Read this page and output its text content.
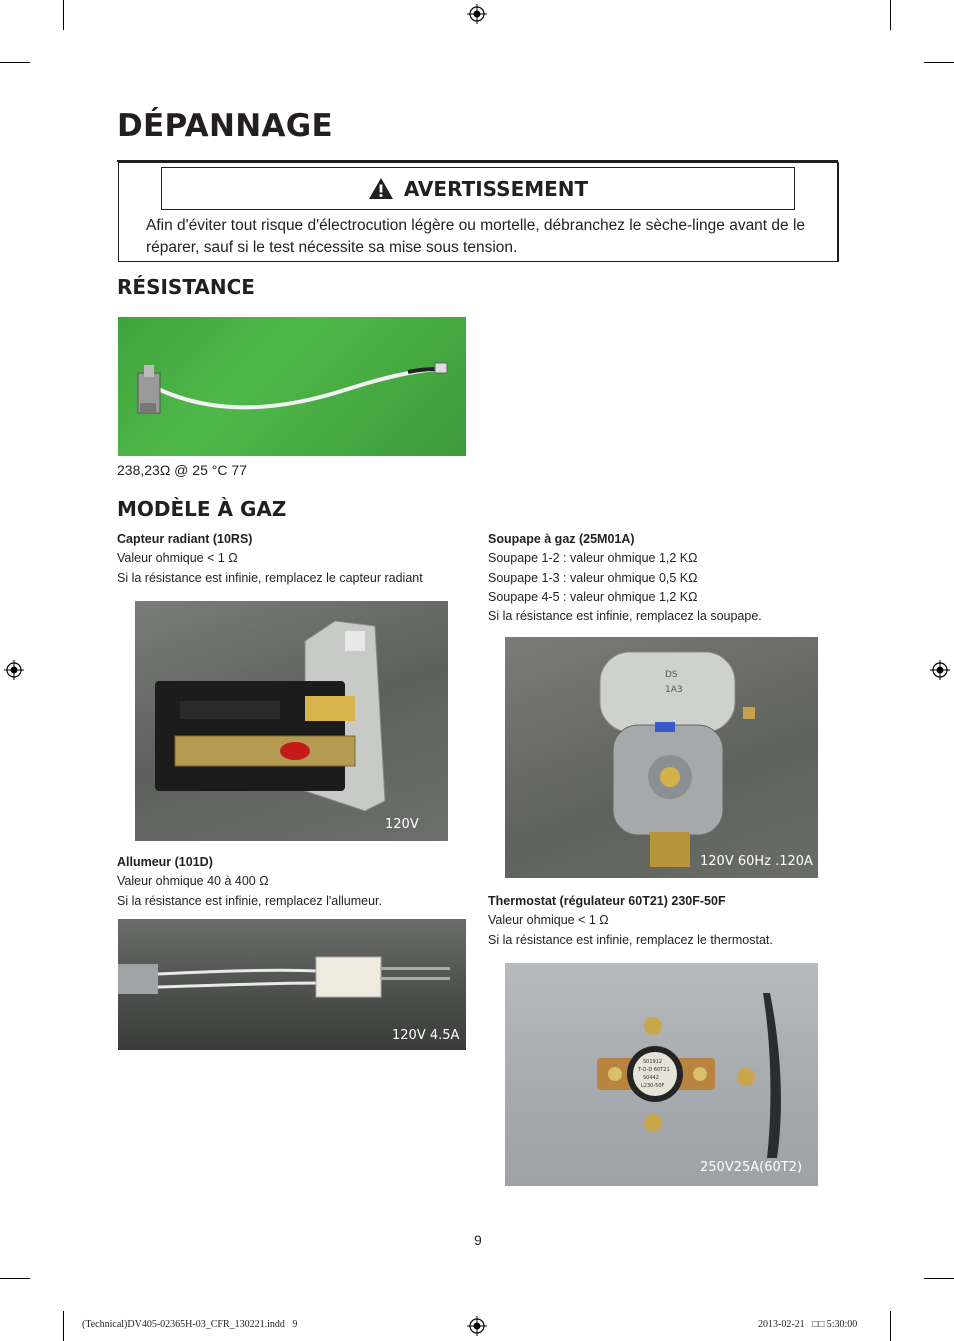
DÉPANNAGE
AVERTISSEMENT
Afin d'éviter tout risque d'électrocution légère ou mortelle, débranchez le sèche-linge avant de le réparer, sauf si le test nécessite sa mise sous tension.
RÉSISTANCE
238,23Ω @ 25 °C 77
MODÈLE À GAZ
Capteur radiant (10RS)
Valeur ohmique < 1 Ω
Si la résistance est infinie, remplacez le capteur radiant
120V
Allumeur (101D)
Valeur ohmique 40 à 400 Ω
Si la résistance est infinie, remplacez l'allumeur.
120V 4.5A
Soupape à gaz (25M01A)
Soupape 1-2 : valeur ohmique 1,2 KΩ
Soupape 1-3 : valeur ohmique 0,5 KΩ
Soupape 4-5 : valeur ohmique 1,2 KΩ
Si la résistance est infinie, remplacez la soupape.
DS
1A3
120V 60Hz .120A
Thermostat (régulateur 60T21) 230F-50F
Valeur ohmique < 1 Ω
Si la résistance est infinie, remplacez le thermostat.
S01912
T-O-D 60T21
S0442
L230-50F
250V25A(60T2)
9
(Technical)DV405-02365H-03_CFR_130221.indd   9	2013-02-21   □□ 5:30:00
